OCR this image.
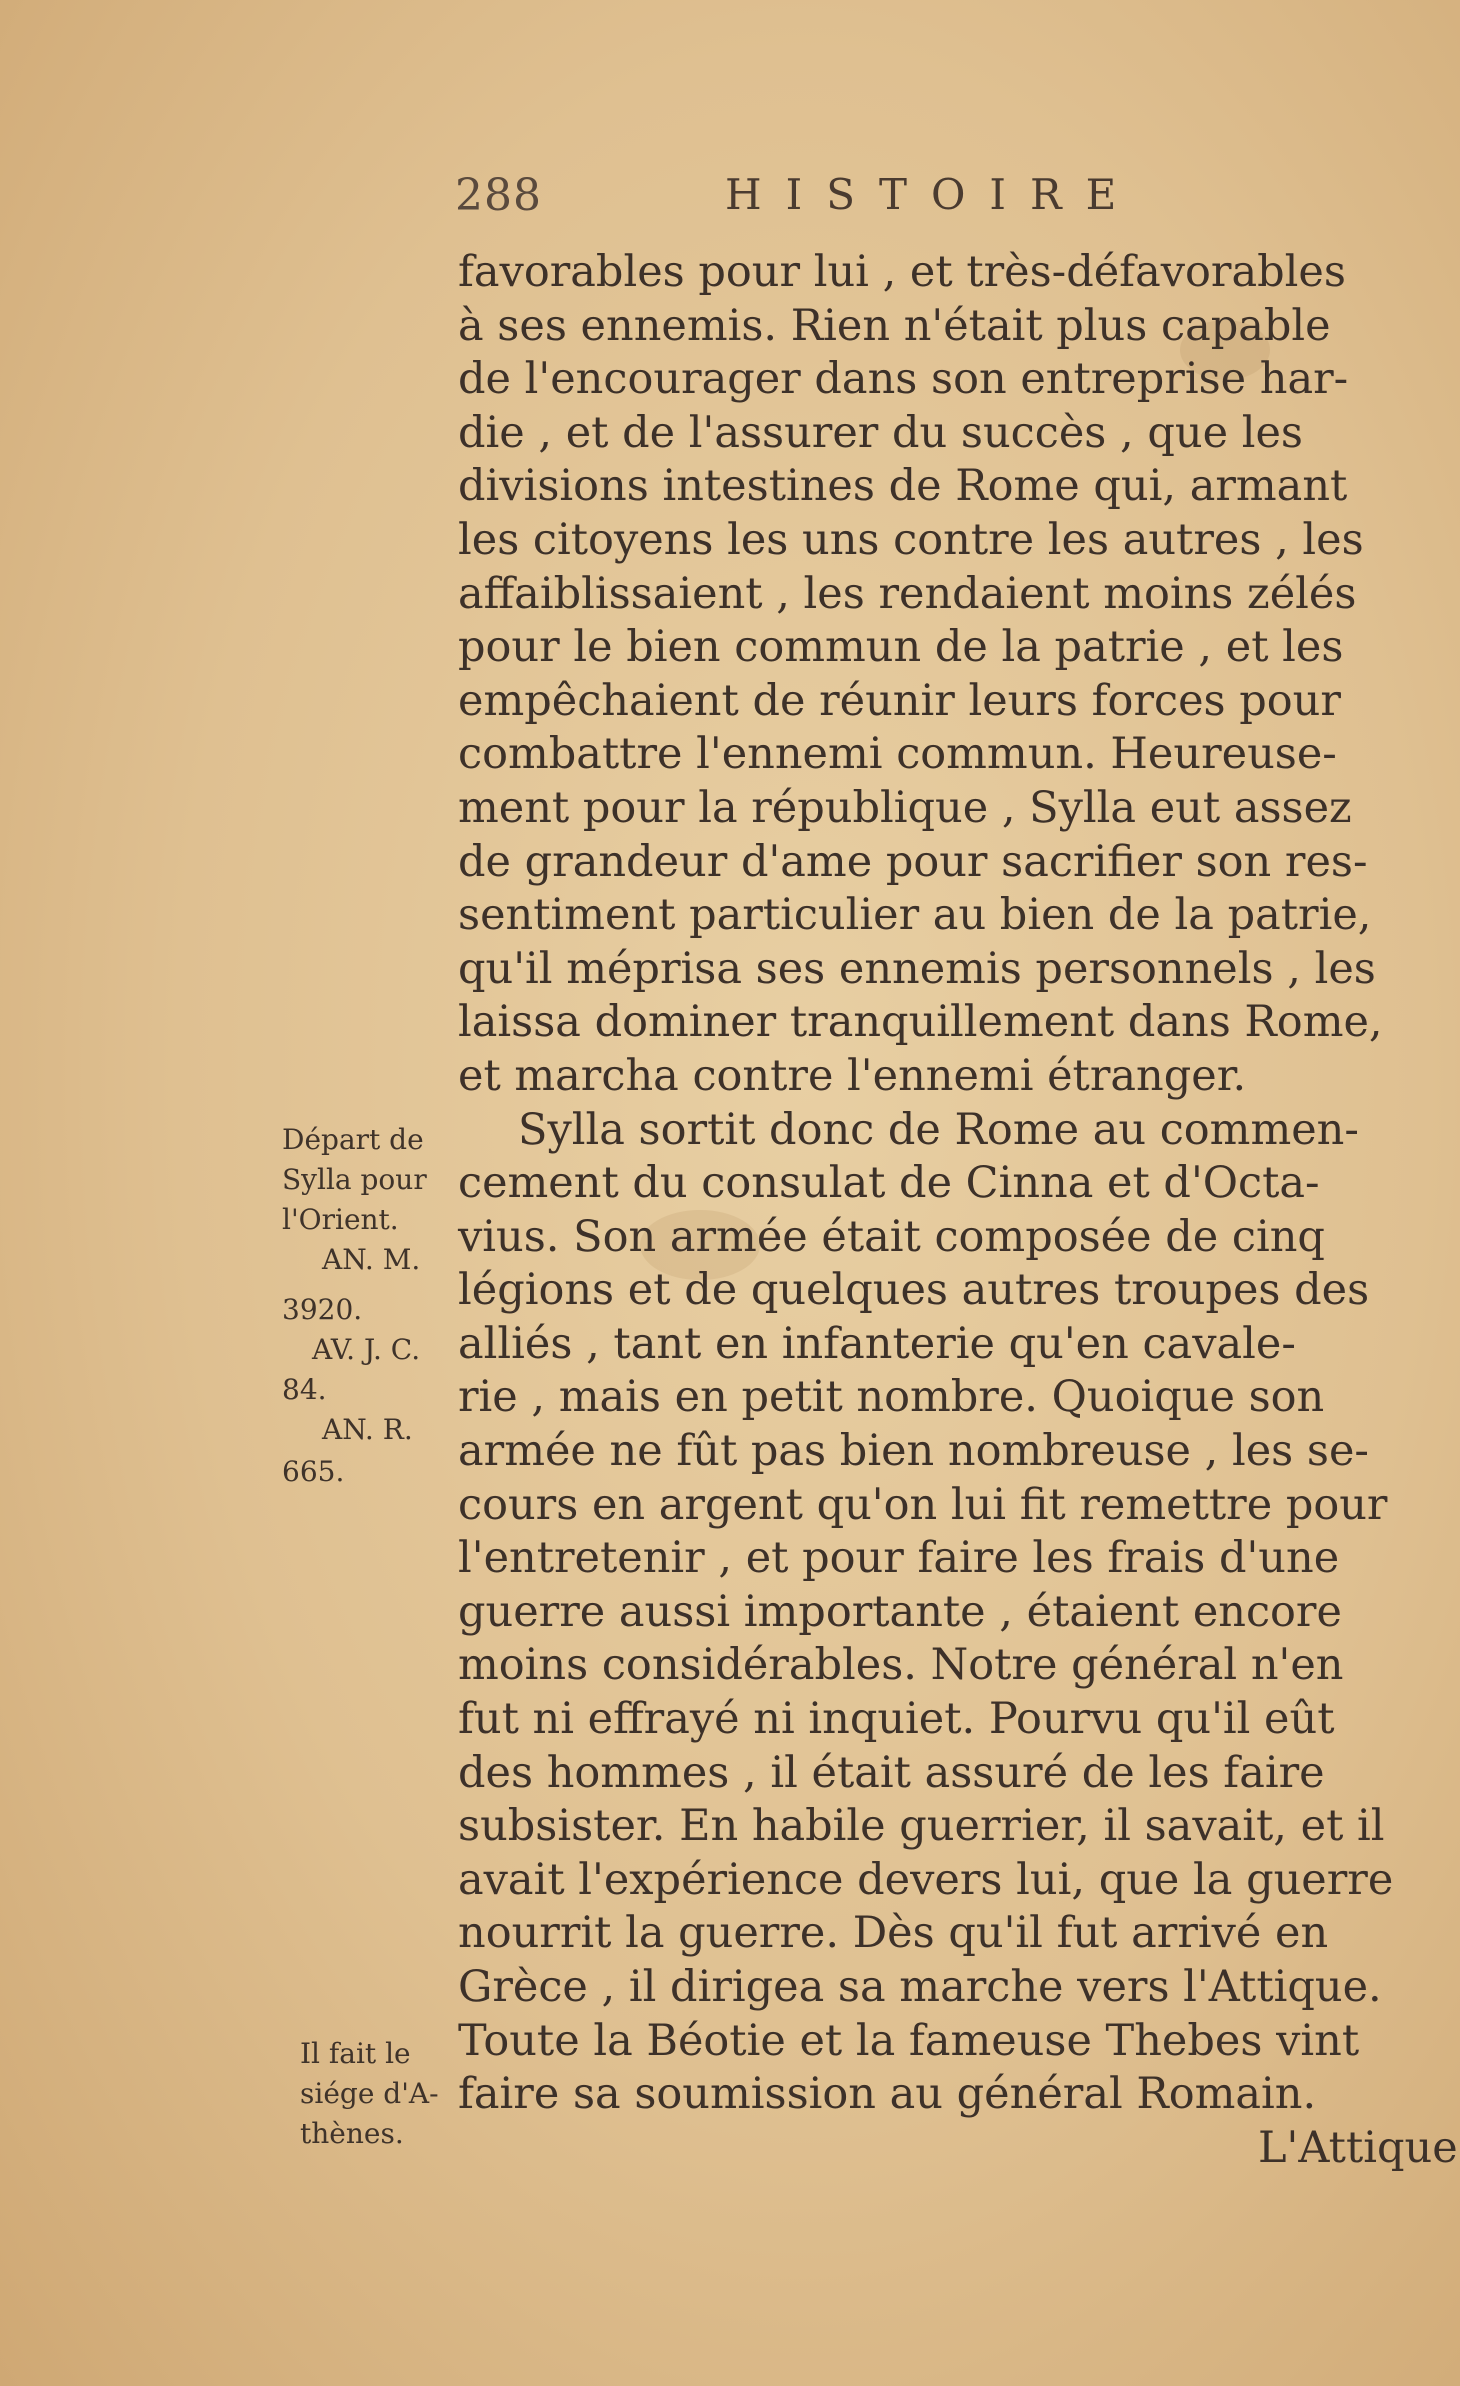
288	HISTOIRE
favorables pour lui , et très-défavorables
à ses ennemis. Rien n'était plus capable
de l'encourager dans son entreprise har-
die , et de l'assurer du succès , que les
divisions intestines de Rome qui, armant
les citoyens les uns contre les autres , les
affaiblissaient , les rendaient moins zélés
pour le bien commun de la patrie , et les
empêchaient de réunir leurs forces pour
combattre l'ennemi commun. Heureuse-
ment pour la république , Sylla eut assez
de grandeur d'ame pour sacrifier son res-
sentiment particulier au bien de la patrie,
qu'il méprisa ses ennemis personnels , les
laissa dominer tranquillement dans Rome,
et marcha contre l'ennemi étranger.
Sylla sortit donc de Rome au commen-
cement du consulat de Cinna et d'Octa-
vius. Son armée était composée de cinq
légions et de quelques autres troupes des
alliés , tant en infanterie qu'en cavale-
rie , mais en petit nombre. Quoique son
armée ne fût pas bien nombreuse , les se-
cours en argent qu'on lui fit remettre pour
l'entretenir , et pour faire les frais d'une
guerre aussi importante , étaient encore
moins considérables. Notre général n'en
fut ni effrayé ni inquiet. Pourvu qu'il eût
des hommes , il était assuré de les faire
subsister. En habile guerrier, il savait, et il
avait l'expérience devers lui, que la guerre
nourrit la guerre. Dès qu'il fut arrivé en
Grèce , il dirigea sa marche vers l'Attique.
Toute la Béotie et la fameuse Thebes vint
faire sa soumission au général Romain.
L'Attique
Départ de
Sylla pour
l'Orient.
AN. M.
3920.
AV. J. C.
84.
AN. R.
665.
Il fait le
siége d'A-
thènes.
